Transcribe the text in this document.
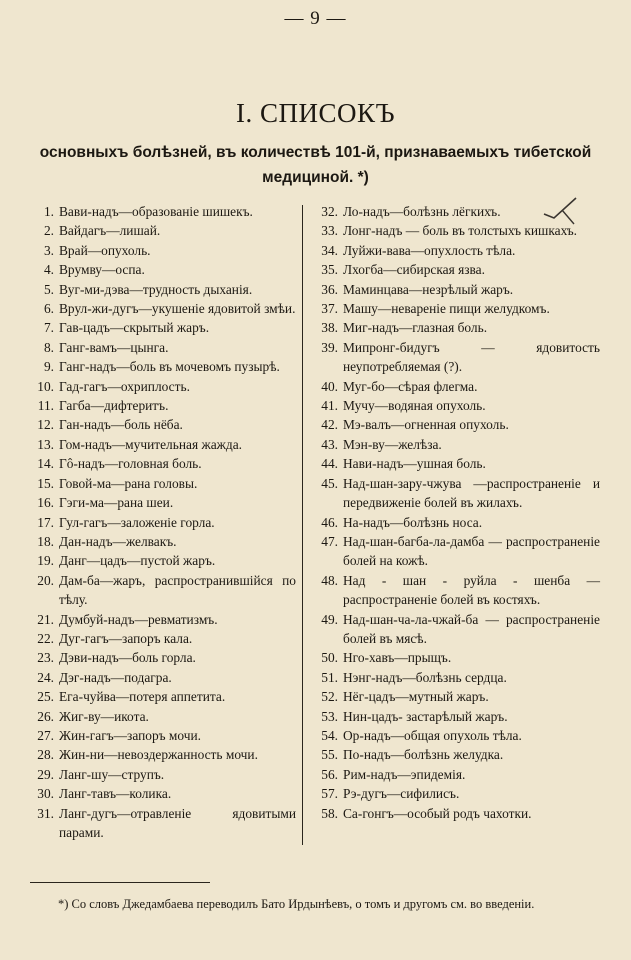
— 9 —
I. СПИСОКЪ

основныхъ болѣзней, въ количествѣ 101-й, признаваемыхъ тибетской медициной. *)

1. Вави-надъ—образованіе шишекъ.
2. Вайдагъ—лишай.
3. Врай—опухоль.
4. Врумву—оспа.
5. Вуг-ми-дэва—трудность дыханія.
6. Врул-жи-дугъ—укушеніе ядовитой змѣи.
7. Гав-цадъ—скрытый жаръ.
8. Ганг-вамъ—цынга.
9. Ганг-надъ—боль въ мочевомъ пузырѣ.
10. Гад-гагъ—охриплость.
11. Гагба—дифтеритъ.
12. Ган-надъ—боль нёба.
13. Гом-надъ—мучительная жажда.
14. Гô-надъ—головная боль.
15. Говой-ма—рана головы.
16. Гэги-ма—рана шеи.
17. Гул-гагъ—заложеніе горла.
18. Дан-надъ—желвакъ.
19. Данг—цадъ—пустой жаръ.
20. Дам-ба—жаръ, распространившійся по тѣлу.
21. Думбуй-надъ—ревматизмъ.
22. Дуг-гагъ—запоръ кала.
23. Дэви-надъ—боль горла.
24. Дэг-надъ—подагра.
25. Ега-чуйва—потеря аппетита.
26. Жиг-ву—икота.
27. Жин-гагъ—запоръ мочи.
28. Жин-ни—невоздержанность мочи.
29. Ланг-шу—струпъ.
30. Ланг-тавъ—колика.
31. Ланг-дугъ—отравленіе ядовитыми парами.
32. Ло-надъ—болѣзнь лёгкихъ.
33. Лонг-надъ — боль въ толстыхъ кишкахъ.
34. Луйжи-вава—опухлость тѣла.
35. Лхогба—сибирская язва.
36. Маминцава—незрѣлый жаръ.
37. Машу—невареніе пищи желудкомъ.
38. Миг-надъ—глазная боль.
39. Мипронг-бидугъ — ядовитость неупотребляемая (?).
40. Муг-бо—сѣрая флегма.
41. Мучу—водяная опухоль.
42. Мэ-валъ—огненная опухоль.
43. Мэн-ву—желѣза.
44. Нави-надъ—ушная боль.
45. Над-шан-зару-чжува —распространеніе и передвиженіе болей въ жилахъ.
46. На-надъ—болѣзнь носа.
47. Над-шан-багба-ла-дамба — распространеніе болей на кожѣ.
48. Над - шан - руйла - шенба — распространеніе болей въ костяхъ.
49. Над-шан-ча-ла-чжай-ба — распространеніе болей въ мясѣ.
50. Нго-хавъ—прыщъ.
51. Нэнг-надъ—болѣзнь сердца.
52. Нёг-цадъ—мутный жаръ.
53. Нин-цадъ- застарѣлый жаръ.
54. Ор-надъ—общая опухоль тѣла.
55. По-надъ—болѣзнь желудка.
56. Рим-надъ—эпидемія.
57. Рэ-дугъ—сифилисъ.
58. Са-гонгъ—особый родъ чахотки.

*) Со словъ Джедамбаева переводилъ Бато Ирдынѣевъ, о томъ и другомъ см. во введеніи.
